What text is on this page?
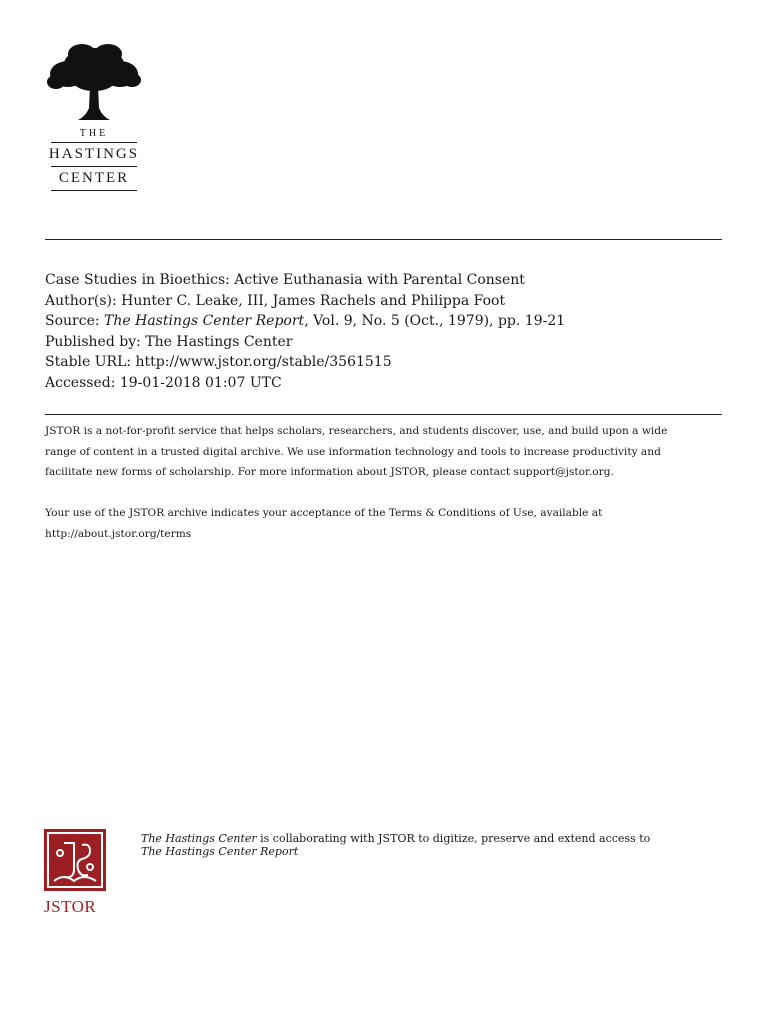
THE
HASTINGS
CENTER
Case Studies in Bioethics: Active Euthanasia with Parental Consent
Author(s): Hunter C. Leake, III, James Rachels and Philippa Foot
Source: The Hastings Center Report, Vol. 9, No. 5 (Oct., 1979), pp. 19-21
Published by: The Hastings Center
Stable URL: http://www.jstor.org/stable/3561515
Accessed: 19-01-2018 01:07 UTC
JSTOR is a not-for-profit service that helps scholars, researchers, and students discover, use, and build upon a wide
range of content in a trusted digital archive. We use information technology and tools to increase productivity and
facilitate new forms of scholarship. For more information about JSTOR, please contact support@jstor.org.
Your use of the JSTOR archive indicates your acceptance of the Terms & Conditions of Use, available at
http://about.jstor.org/terms
JSTOR
The Hastings Center is collaborating with JSTOR to digitize, preserve and extend access to
The Hastings Center Report
